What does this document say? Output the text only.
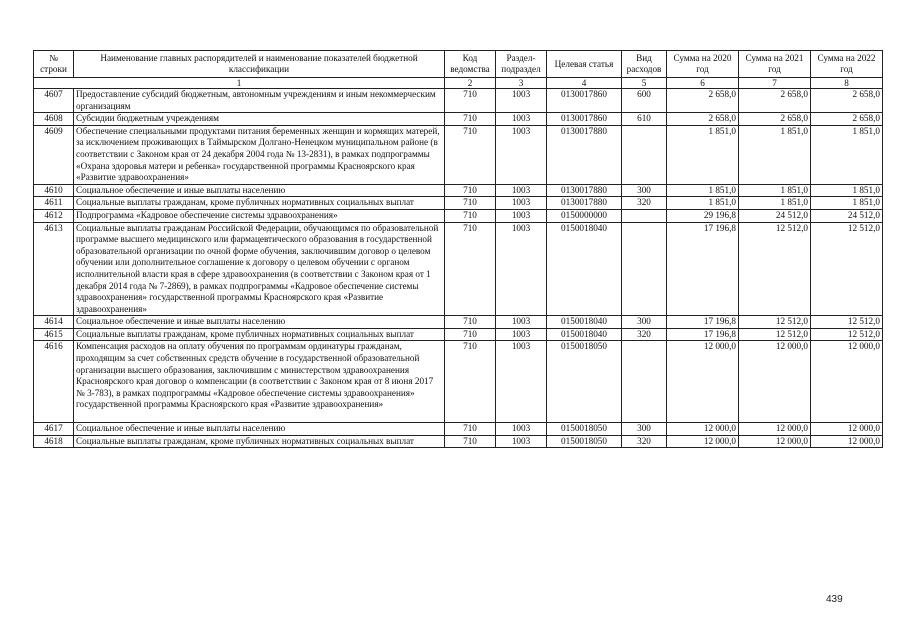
№ строки	Наименование главных распорядителей и наименование показателей бюджетной классификации	Код ведомства	Раздел-подраздел	Целевая статья	Вид расходов	Сумма на 2020 год	Сумма на 2021 год	Сумма на 2022 год
1		2	3	4	5	6	7	8
4607	Предоставление субсидий бюджетным, автономным учреждениям и иным некоммерческим организациям	710	1003	0130017860	600	2 658,0	2 658,0	2 658,0
4608	Субсидии бюджетным учреждениям	710	1003	0130017860	610	2 658,0	2 658,0	2 658,0
4609	Обеспечение специальными продуктами питания беременных женщин и кормящих матерей, за исключением проживающих в Таймырском Долгано-Ненецком муниципальном районе (в соответствии с Законом края от 24 декабря 2004 года № 13-2831), в рамках подпрограммы «Охрана здоровья матери и ребенка» государственной программы Красноярского края «Развитие здравоохранения»	710	1003	0130017880		1 851,0	1 851,0	1 851,0
4610	Социальное обеспечение и иные выплаты населению	710	1003	0130017880	300	1 851,0	1 851,0	1 851,0
4611	Социальные выплаты гражданам, кроме публичных нормативных социальных выплат	710	1003	0130017880	320	1 851,0	1 851,0	1 851,0
4612	Подпрограмма «Кадровое обеспечение системы здравоохранения»	710	1003	0150000000		29 196,8	24 512,0	24 512,0
4613	Социальные выплаты гражданам Российской Федерации, обучающимся по образовательной программе высшего медицинского или фармацевтического образования в государственной образовательной организации по очной форме обучения, заключившим договор о целевом обучении или дополнительное соглашение к договору о целевом обучении с органом исполнительной власти края в сфере здравоохранения (в соответствии с Законом края от 1 декабря 2014 года № 7-2869), в рамках подпрограммы «Кадровое обеспечение системы здравоохранения» государственной программы Красноярского края «Развитие здравоохранения»	710	1003	0150018040		17 196,8	12 512,0	12 512,0
4614	Социальное обеспечение и иные выплаты населению	710	1003	0150018040	300	17 196,8	12 512,0	12 512,0
4615	Социальные выплаты гражданам, кроме публичных нормативных социальных выплат	710	1003	0150018040	320	17 196,8	12 512,0	12 512,0
4616	Компенсация расходов на оплату обучения по программам ординатуры гражданам, проходящим за счет собственных средств обучение в государственной образовательной организации высшего образования, заключившим с министерством здравоохранения Красноярского края договор о компенсации (в соответствии с Законом края от 8 июня 2017 № 3-783), в рамках подпрограммы «Кадровое обеспечение системы здравоохранения» государственной программы Красноярского края «Развитие здравоохранения»	710	1003	0150018050		12 000,0	12 000,0	12 000,0
4617	Социальное обеспечение и иные выплаты населению	710	1003	0150018050	300	12 000,0	12 000,0	12 000,0
4618	Социальные выплаты гражданам, кроме публичных нормативных социальных выплат	710	1003	0150018050	320	12 000,0	12 000,0	12 000,0
439
